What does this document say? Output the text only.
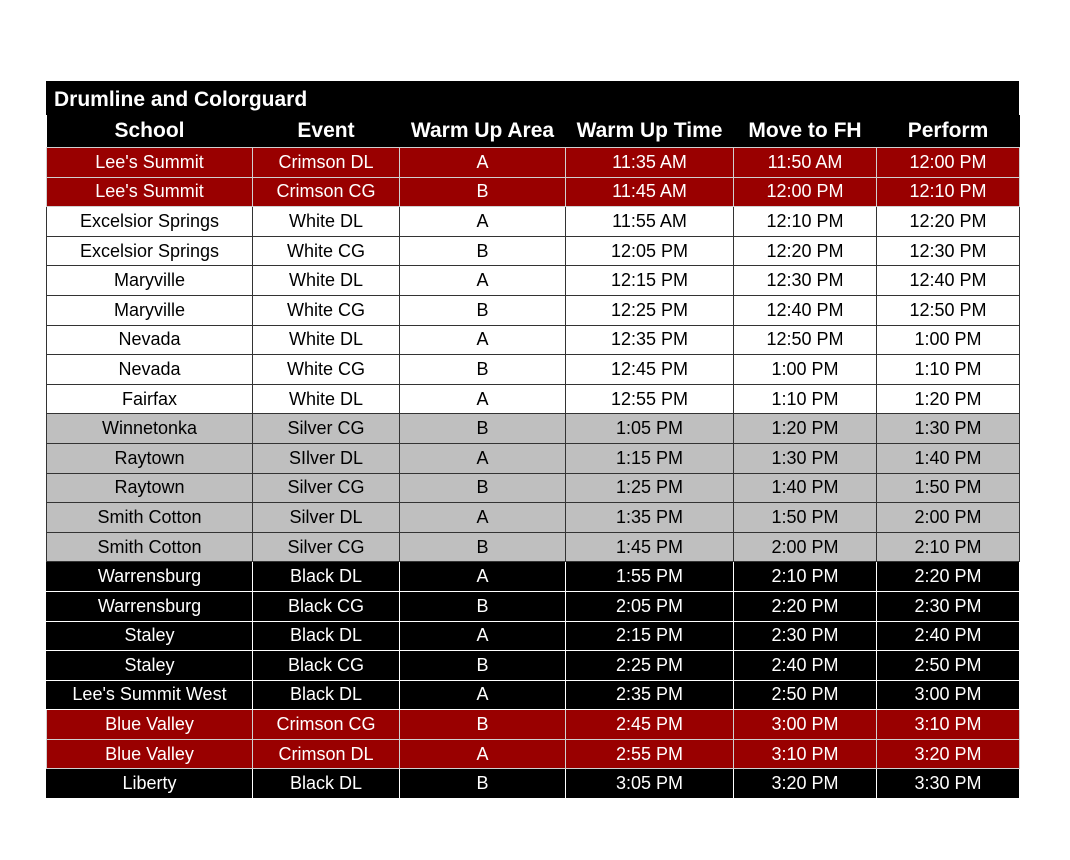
Drumline and Colorguard
School	Event	Warm Up Area	Warm Up Time	Move to FH	Perform
Lee's Summit	Crimson DL	A	11:35 AM	11:50 AM	12:00 PM
Lee's Summit	Crimson CG	B	11:45 AM	12:00 PM	12:10 PM
Excelsior Springs	White DL	A	11:55 AM	12:10 PM	12:20 PM
Excelsior Springs	White CG	B	12:05 PM	12:20 PM	12:30 PM
Maryville	White DL	A	12:15 PM	12:30 PM	12:40 PM
Maryville	White CG	B	12:25 PM	12:40 PM	12:50 PM
Nevada	White DL	A	12:35 PM	12:50 PM	1:00 PM
Nevada	White CG	B	12:45 PM	1:00 PM	1:10 PM
Fairfax	White DL	A	12:55 PM	1:10 PM	1:20 PM
Winnetonka	Silver CG	B	1:05 PM	1:20 PM	1:30 PM
Raytown	SIlver DL	A	1:15 PM	1:30 PM	1:40 PM
Raytown	Silver CG	B	1:25 PM	1:40 PM	1:50 PM
Smith Cotton	Silver DL	A	1:35 PM	1:50 PM	2:00 PM
Smith Cotton	Silver CG	B	1:45 PM	2:00 PM	2:10 PM
Warrensburg	Black DL	A	1:55 PM	2:10 PM	2:20 PM
Warrensburg	Black CG	B	2:05 PM	2:20 PM	2:30 PM
Staley	Black DL	A	2:15 PM	2:30 PM	2:40 PM
Staley	Black CG	B	2:25 PM	2:40 PM	2:50 PM
Lee's Summit West	Black DL	A	2:35 PM	2:50 PM	3:00 PM
Blue Valley	Crimson CG	B	2:45 PM	3:00 PM	3:10 PM
Blue Valley	Crimson DL	A	2:55 PM	3:10 PM	3:20 PM
Liberty	Black DL	B	3:05 PM	3:20 PM	3:30 PM
